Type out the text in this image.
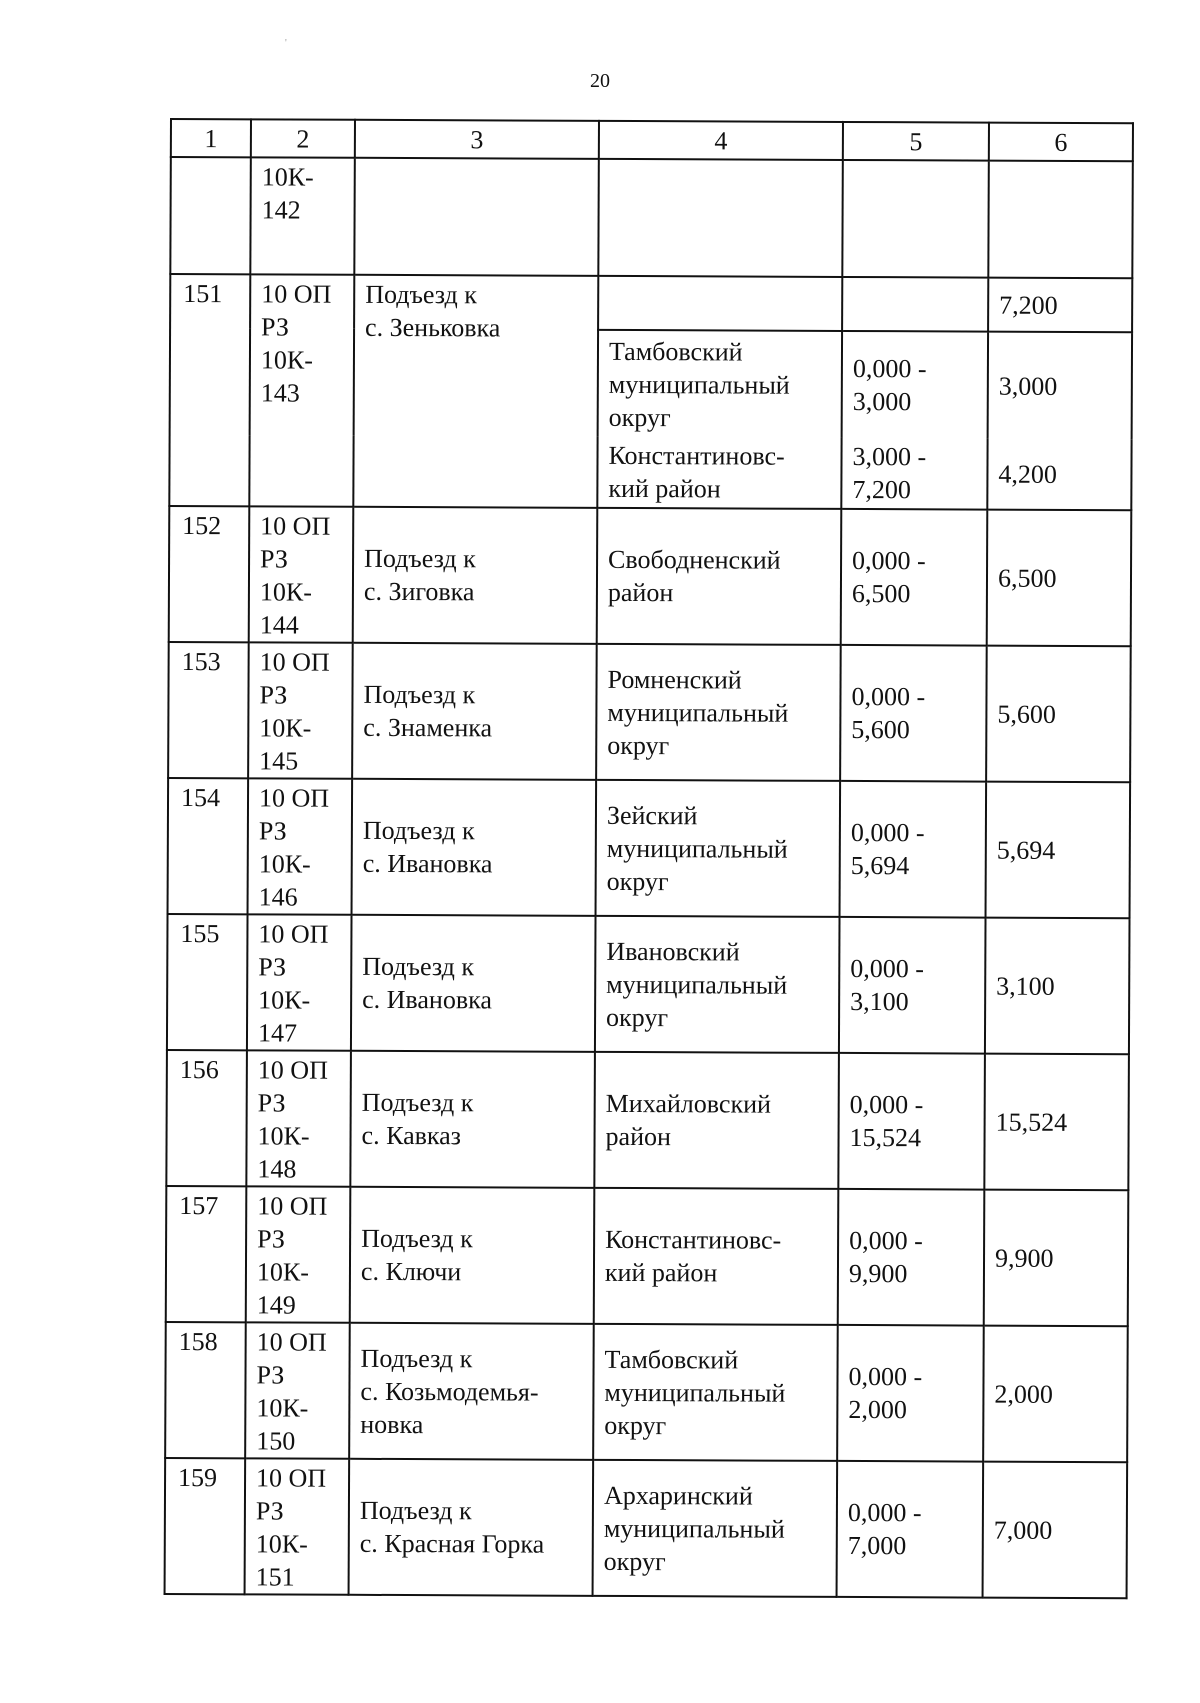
20
1	2	3	4	5	6

	10К-
142				

151	10 ОП
РЗ
10К-
143	Подъезд к
с. Зеньковка			7,200

			Тамбовский
муниципальный
округ	0,000 -
3,000	3,000

			Константиновс-
кий район	3,000 -
7,200	4,200

152	10 ОП
РЗ
10К-
144	Подъезд к
с. Зиговка	Свободненский
район	0,000 -
6,500	6,500

153	10 ОП
РЗ
10К-
145	Подъезд к
с. Знаменка	Ромненский
муниципальный
округ	0,000 -
5,600	5,600

154	10 ОП
РЗ
10К-
146	Подъезд к
с. Ивановка	Зейский
муниципальный
округ	0,000 -
5,694	5,694

155	10 ОП
РЗ
10К-
147	Подъезд к
с. Ивановка	Ивановский
муниципальный
округ	0,000 -
3,100	3,100

156	10 ОП
РЗ
10К-
148	Подъезд к
с. Кавказ	Михайловский
район	0,000 -
15,524	15,524

157	10 ОП
РЗ
10К-
149	Подъезд к
с. Ключи	Константиновс-
кий район	0,000 -
9,900	9,900

158	10 ОП
РЗ
10К-
150	Подъезд к
с. Козьмодемья-
новка	Тамбовский
муниципальный
округ	0,000 -
2,000	2,000

159	10 ОП
РЗ
10К-
151	Подъезд к
с. Красная Горка	Архаринский
муниципальный
округ	0,000 -
7,000	7,000
'
